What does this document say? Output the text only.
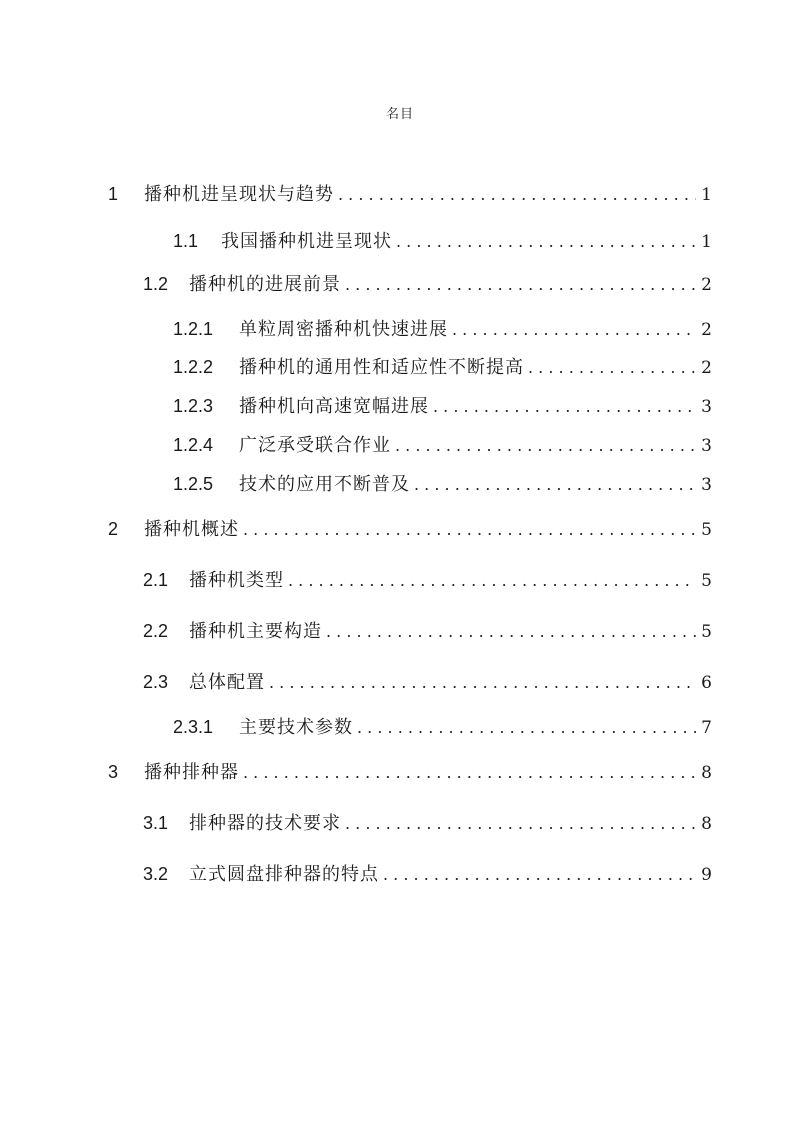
名目
1	播种机进呈现状与趋势 . . .	1
1.1	我国播种机进呈现状 . . .	1
1.2	播种机的进展前景 . . .	2
1.2.1	单粒周密播种机快速进展 . . .	2
1.2.2	播种机的通用性和适应性不断提高 . . .	2
1.2.3	播种机向高速宽幅进展 . . .	3
1.2.4	广泛承受联合作业 . . .	3
1.2.5	技术的应用不断普及 . . .	3
2	播种机概述 . . .	5
2.1	播种机类型 . . .	5
2.2	播种机主要构造 . . .	5
2.3	总体配置 . . .	6
2.3.1	主要技术参数 . . .	7
3	播种排种器 . . .	8
3.1	排种器的技术要求 . . .	8
3.2	立式圆盘排种器的特点 . . .	9
